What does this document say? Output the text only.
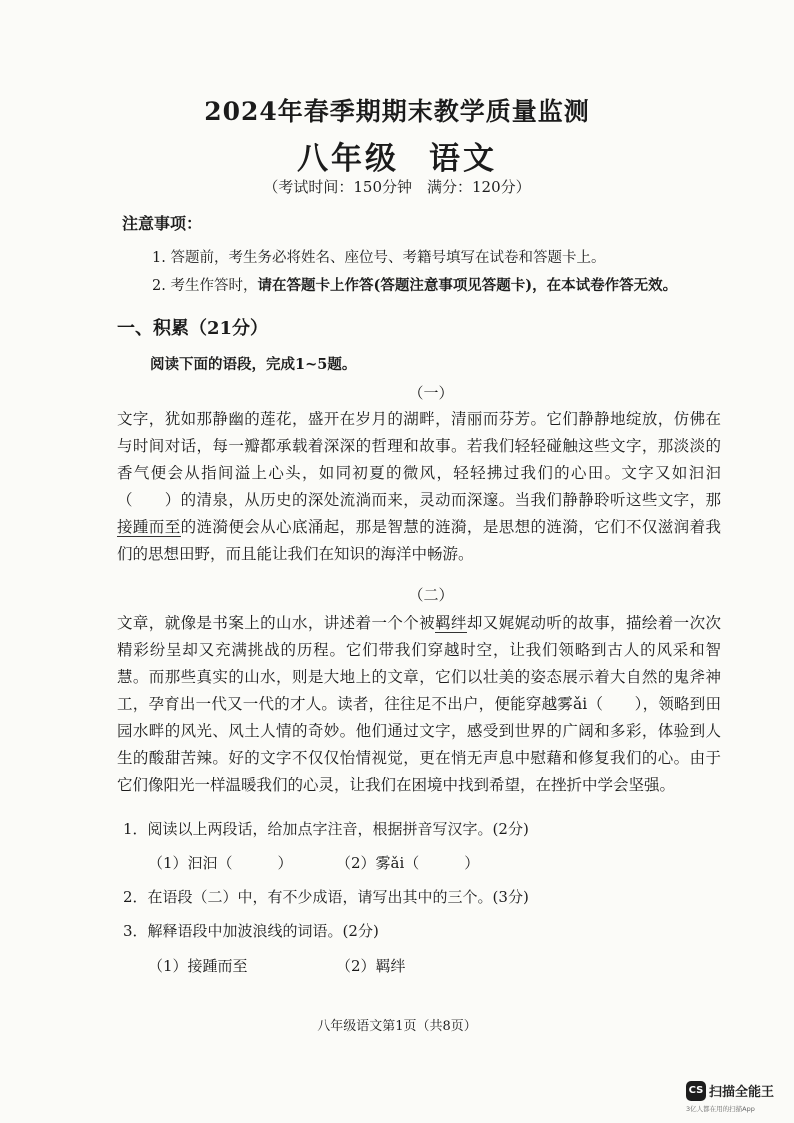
2024年春季期期末教学质量监测
八年级 语文
（考试时间：150分钟　满分：120分）
注意事项：
1. 答题前，考生务必将姓名、座位号、考籍号填写在试卷和答题卡上。
2. 考生作答时，请在答题卡上作答(答题注意事项见答题卡)，在本试卷作答无效。
一、积累（21分）
阅读下面的语段，完成1~5题。
（一）
文字，犹如那静幽的莲花，盛开在岁月的湖畔，清丽而芬芳。它们静静地绽放，仿佛在与时间对话，每一瓣都承载着深深的哲理和故事。若我们轻轻碰触这些文字，那淡淡的香气便会从指间溢上心头，如同初夏的微风，轻轻拂过我们的心田。文字又如汩汩（　　）的清泉，从历史的深处流淌而来，灵动而深邃。当我们静静聆听这些文字，那接踵而至的涟漪便会从心底涌起，那是智慧的涟漪，是思想的涟漪，它们不仅滋润着我们的思想田野，而且能让我们在知识的海洋中畅游。
（二）
文章，就像是书案上的山水，讲述着一个个被羁绊却又娓娓动听的故事，描绘着一次次精彩纷呈却又充满挑战的历程。它们带我们穿越时空，让我们领略到古人的风采和智慧。而那些真实的山水，则是大地上的文章，它们以壮美的姿态展示着大自然的鬼斧神工，孕育出一代又一代的才人。读者，往往足不出户，便能穿越雾ǎi（　　），领略到田园水畔的风光、风土人情的奇妙。他们通过文字，感受到世界的广阔和多彩，体验到人生的酸甜苦辣。好的文字不仅仅怡情视觉，更在悄无声息中慰藉和修复我们的心。由于它们像阳光一样温暖我们的心灵，让我们在困境中找到希望，在挫折中学会坚强。
1．阅读以上两段话，给加点字注音，根据拼音写汉字。(2分)
（1）汩汩（　　　）	（2）雾ǎi（　　　）
2．在语段（二）中，有不少成语，请写出其中的三个。(3分)
3．解释语段中加波浪线的词语。(2分)
（1）接踵而至	（2）羁绊
八年级语文第1页（共8页）
CS 扫描全能王
3亿人都在用的扫描App
